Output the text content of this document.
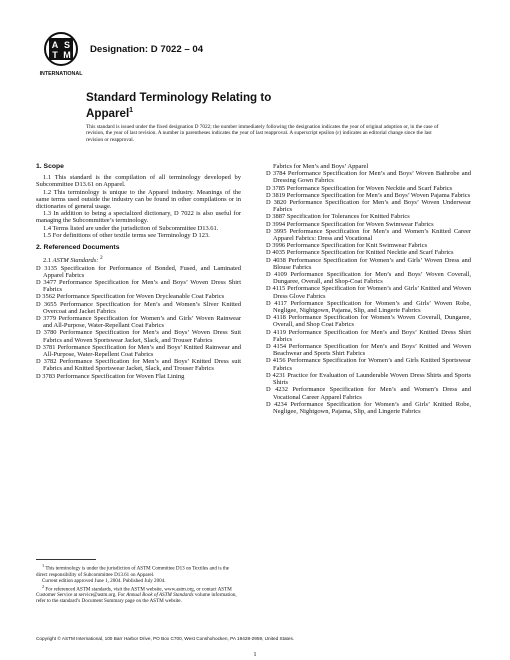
A S
T M
INTERNATIONAL
Designation: D 7022 – 04
Standard Terminology Relating to
Apparel$^1$
This standard is issued under the fixed designation D 7022; the number immediately following the designation indicates the year of original adoption or, in the case of revision, the year of last revision. A number in parentheses indicates the year of last reapproval. A superscript epsilon (ε) indicates an editorial change since the last revision or reapproval.
1. Scope

1.1 This standard is the compilation of all terminology developed by Subcommittee D13.61 on Apparel.

1.2 This terminology is unique to the Apparel industry. Meanings of the same terms used outside the industry can be found in other compilations or in dictionaries of general usage.

1.3 In addition to being a specialized dictionary, D 7022 is also useful for managing the Subcommittee’s terminology.

1.4 Terms listed are under the jurisdiction of Subcommittee D13.61.

1.5 For definitions of other textile terms see Terminology D 123.

2. Referenced Documents

2.1 ASTM Standards: $^2$

D 3135 Specification for Performance of Bonded, Fused, and Laminated Apparel Fabrics

D 3477 Performance Specification for Men’s and Boys’ Woven Dress Shirt Fabrics

D 3562 Performance Specification for Woven Drycleanable Coat Fabrics

D 3655 Performance Specification for Men’s and Women’s Sliver Knitted Overcoat and Jacket Fabrics

D 3779 Performance Specification for Women’s and Girls’ Woven Rainwear and All-Purpose, Water-Repellant Coat Fabrics

D 3780 Performance Specification for Men’s and Boys’ Woven Dress Suit Fabrics and Woven Sportswear Jacket, Slack, and Trouser Fabrics

D 3781 Performance Specification for Men’s and Boys’ Knitted Rainwear and All-Purpose, Water-Repellent Coat Fabrics

D 3782 Performance Specification for Men’s and Boys’ Knitted Dress suit Fabrics and Knitted Sportswear Jacket, Slack, and Trouser Fabrics

D 3783 Performance Specification for Woven Flat Lining

Fabrics for Men’s and Boys’ Apparel

D 3784 Performance Specification for Men’s and Boys’ Woven Bathrobe and Dressing Gown Fabrics

D 3785 Performance Specification for Woven Necktie and Scarf Fabrics

D 3819 Performance Specification for Men’s and Boys’ Woven Pajama Fabrics

D 3820 Performance Specification for Men’s and Boys’ Woven Underwear Fabrics

D 3887 Specification for Tolerances for Knitted Fabrics

D 3994 Performance Specification for Woven Swimwear Fabrics

D 3995 Performance Specification for Men’s and Women’s Knitted Career Apparel Fabrics: Dress and Vocational

D 3996 Performance Specification for Knit Swimwear Fabrics

D 4035 Performance Specification for Knitted Necktie and Scarf Fabrics

D 4038 Performance Specification for Women’s and Girls’ Woven Dress and Blouse Fabrics

D 4109 Performance Specification for Men’s and Boys’ Woven Coverall, Dungaree, Overall, and Shop-Coat Fabrics

D 4115 Performance Specification for Women’s and Girls’ Knitted and Woven Dress Glove Fabrics

D 4117 Performance Specification for Women’s and Girls’ Woven Robe, Negligee, Nightgown, Pajama, Slip, and Lingerie Fabrics

D 4118 Performance Specification for Women’s Woven Coverall, Dungaree, Overall, and Shop Coat Fabrics

D 4119 Performance Specification for Men’s and Boys’ Knitted Dress Shirt Fabrics

D 4154 Performance Specification for Men’s and Boys’ Knitted and Woven Beachwear and Sports Shirt Fabrics

D 4156 Performance Specification for Women’s and Girls Knitted Sportswear Fabrics

D 4231 Practice for Evaluation of Launderable Woven Dress Shirts and Sports Shirts

D 4232 Performance Specification for Men’s and Women’s Dress and Vocational Career Apparel Fabrics

D 4234 Performance Specification for Women’s and Girls’ Knitted Robe, Negligee, Nightgown, Pajama, Slip, and Lingerie Fabrics

$^1$ This terminology is under the jurisdiction of ASTM Committee D13 on Textiles and is the direct responsibility of Subcommittee D13.61 on Apparel.

Current edition approved June 1, 2004. Published July 2004.

$^2$ For referenced ASTM standards, visit the ASTM website, www.astm.org, or contact ASTM Customer Service at service@astm.org. For Annual Book of ASTM Standards volume information, refer to the standard’s Document Summary page on the ASTM website.

Copyright © ASTM International, 100 Barr Harbor Drive, PO Box C700, West Conshohocken, PA 19428-2959, United States.
1
